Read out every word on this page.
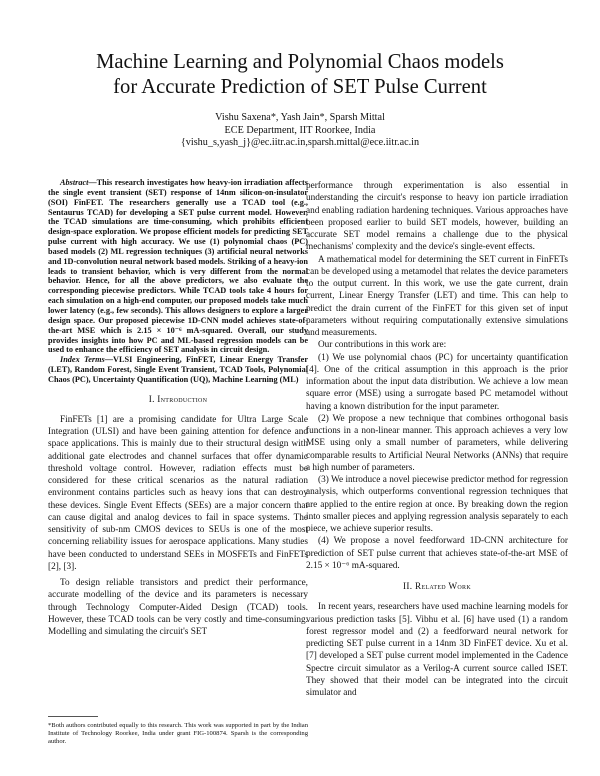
Machine Learning and Polynomial Chaos models
for Accurate Prediction of SET Pulse Current
Vishu Saxena*, Yash Jain*, Sparsh Mittal
ECE Department, IIT Roorkee, India
{vishu_s,yash_j}@ec.iitr.ac.in,sparsh.mittal@ece.iitr.ac.in

Abstract—This research investigates how heavy-ion irradiation affects the single event transient (SET) response of 14nm silicon-on-insulator (SOI) FinFET. The researchers generally use a TCAD tool (e.g., Sentaurus TCAD) for developing a SET pulse current model. However, the TCAD simulations are time-consuming, which prohibits efficient design-space exploration. We propose efficient models for predicting SET pulse current with high accuracy. We use (1) polynomial chaos (PC) based models (2) ML regression techniques (3) artificial neural networks and 1D-convolution neural network based models. Striking of a heavy-ion leads to transient behavior, which is very different from the normal behavior. Hence, for all the above predictors, we also evaluate the corresponding piecewise predictors. While TCAD tools take 4 hours for each simulation on a high-end computer, our proposed models take much lower latency (e.g., few seconds). This allows designers to explore a larger design space. Our proposed piecewise 1D-CNN model achieves state-of-the-art MSE which is 2.15 × 10⁻⁶ mA-squared. Overall, our study provides insights into how PC and ML-based regression models can be used to enhance the efficiency of SET analysis in circuit design.

Index Terms—VLSI Engineering, FinFET, Linear Energy Transfer (LET), Random Forest, Single Event Transient, TCAD Tools, Polynomial Chaos (PC), Uncertainty Quantification (UQ), Machine Learning (ML)

I. Introduction

FinFETs [1] are a promising candidate for Ultra Large Scale Integration (ULSI) and have been gaining attention for defence and space applications. This is mainly due to their structural design with additional gate electrodes and channel surfaces that offer dynamic threshold voltage control. However, radiation effects must be considered for these critical scenarios as the natural radiation environment contains particles such as heavy ions that can destroy these devices. Single Event Effects (SEEs) are a major concern that can cause digital and analog devices to fail in space systems. The sensitivity of sub-nm CMOS devices to SEUs is one of the most concerning reliability issues for aerospace applications. Many studies have been conducted to understand SEEs in MOSFETs and FinFETs [2], [3].

To design reliable transistors and predict their performance, accurate modelling of the device and its parameters is necessary through Technology Computer-Aided Design (TCAD) tools. However, these TCAD tools can be very costly and time-consuming. Modelling and simulating the circuit's SET

*Both authors contributed equally to this research. This work was supported in part by the Indian Institute of Technology Roorkee, India under grant FIG-100874. Sparsh is the corresponding author.

performance through experimentation is also essential in understanding the circuit's response to heavy ion particle irradiation and enabling radiation hardening techniques. Various approaches have been proposed earlier to build SET models, however, building an accurate SET model remains a challenge due to the physical mechanisms' complexity and the device's single-event effects.

A mathematical model for determining the SET current in FinFETs can be developed using a metamodel that relates the device parameters to the output current. In this work, we use the gate current, drain current, Linear Energy Transfer (LET) and time. This can help to predict the drain current of the FinFET for this given set of input parameters without requiring computationally extensive simulations and measurements.

Our contributions in this work are:

(1) We use polynomial chaos (PC) for uncertainty quantification [4]. One of the critical assumption in this approach is the prior information about the input data distribution. We achieve a low mean square error (MSE) using a surrogate based PC metamodel without having a known distribution for the input parameter.

(2) We propose a new technique that combines orthogonal basis functions in a non-linear manner. This approach achieves a very low MSE using only a small number of parameters, while delivering comparable results to Artificial Neural Networks (ANNs) that require a high number of parameters.

(3) We introduce a novel piecewise predictor method for regression analysis, which outperforms conventional regression techniques that are applied to the entire region at once. By breaking down the region into smaller pieces and applying regression analysis separately to each piece, we achieve superior results.

(4) We propose a novel feedforward 1D-CNN architecture for prediction of SET pulse current that achieves state-of-the-art MSE of 2.15 × 10⁻⁶ mA-squared.

II. Related Work

In recent years, researchers have used machine learning models for various prediction tasks [5]. Vibhu et al. [6] have used (1) a random forest regressor model and (2) a feedforward neural network for predicting SET pulse current in a 14nm 3D FinFET device. Xu et al. [7] developed a SET pulse current model implemented in the Cadence Spectre circuit simulator as a Verilog-A current source called ISET. They showed that their model can be integrated into the circuit simulator and
